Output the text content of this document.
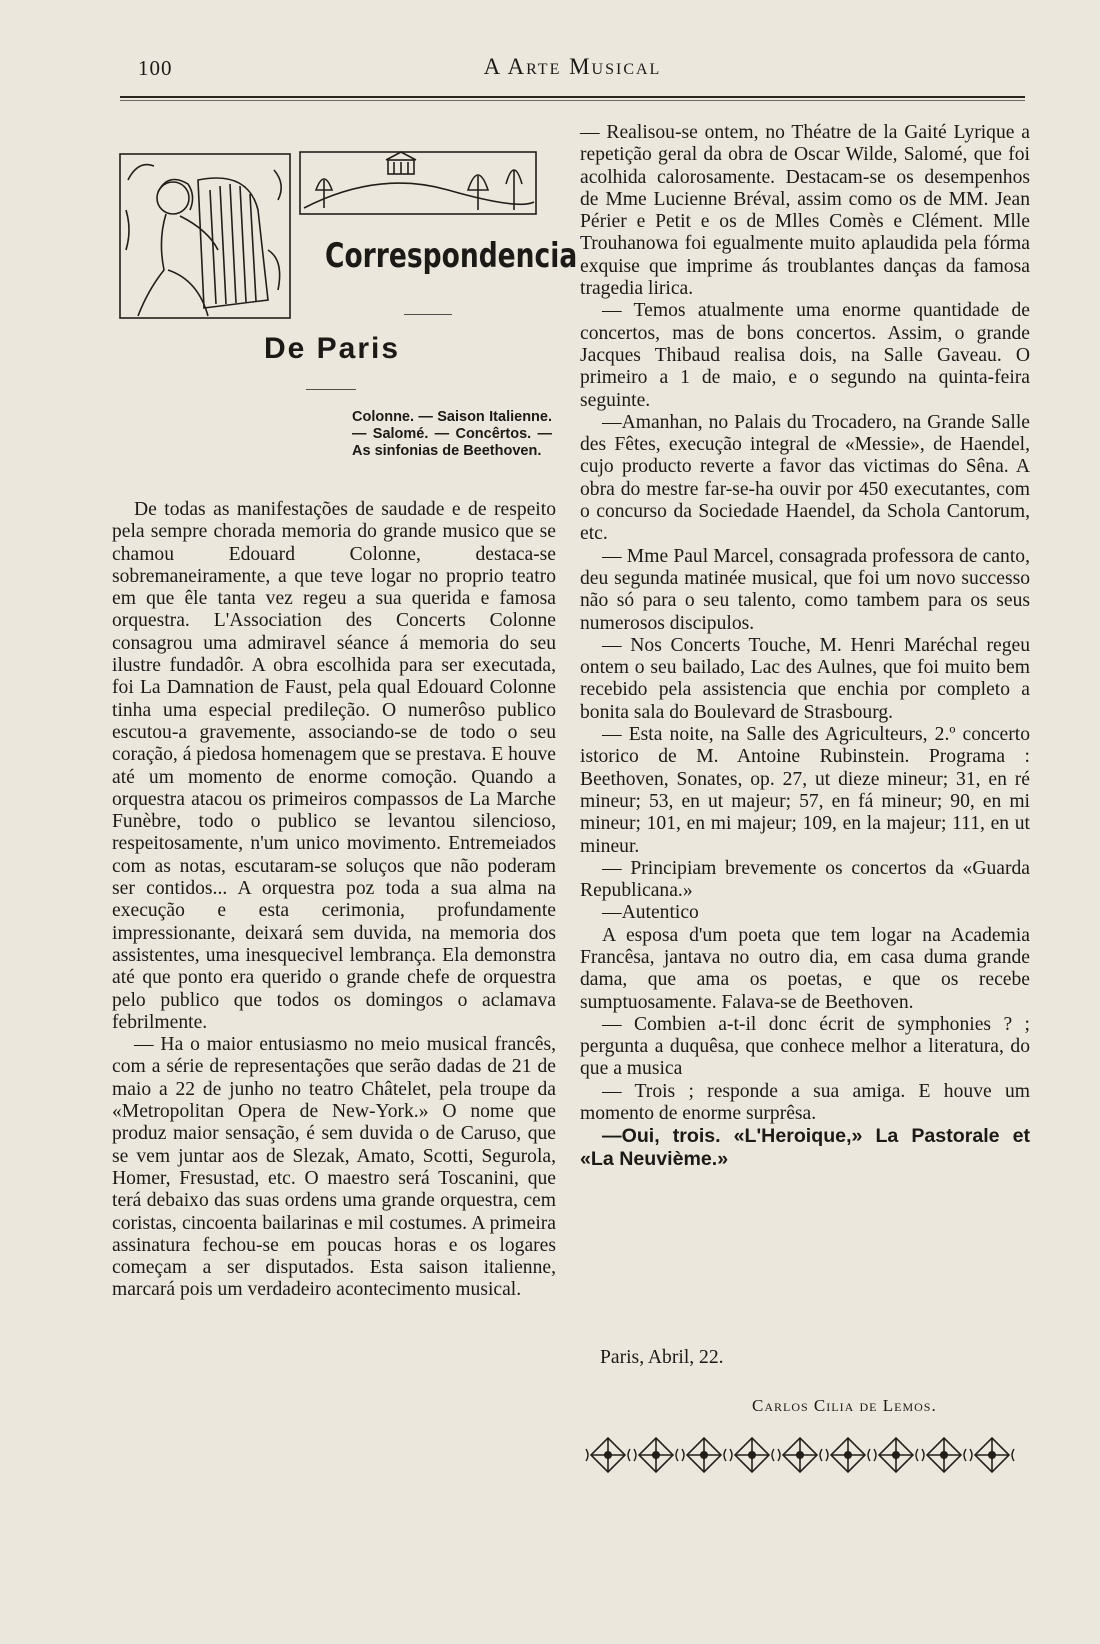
100	A Arte Musical
Correspondencia
De Paris
Colonne. — Saison Italienne. — Salomé. — Concêrtos. — As sinfonias de Beethoven.

De todas as manifestações de saudade e de respeito pela sempre chorada memoria do grande musico que se chamou Edouard Colonne, destaca-se sobremaneiramente, a que teve logar no proprio teatro em que êle tanta vez regeu a sua querida e famosa orquestra. L'Association des Concerts Colonne consagrou uma admiravel séance á memoria do seu ilustre fundadôr. A obra escolhida para ser executada, foi La Damnation de Faust, pela qual Edouard Colonne tinha uma especial predileção. O numerôso publico escutou-a gravemente, associando-se de todo o seu coração, á piedosa homenagem que se prestava. E houve até um momento de enorme comoção. Quando a orquestra atacou os primeiros compassos de La Marche Funèbre, todo o publico se levantou silencioso, respeitosamente, n'um unico movimento. Entremeiados com as notas, escutaram-se soluços que não poderam ser contidos... A orquestra poz toda a sua alma na execução e esta cerimonia, profundamente impressionante, deixará sem duvida, na memoria dos assistentes, uma inesquecivel lembrança. Ela demonstra até que ponto era querido o grande chefe de orquestra pelo publico que todos os domingos o aclamava febrilmente.

— Ha o maior entusiasmo no meio musical francês, com a série de representações que serão dadas de 21 de maio a 22 de junho no teatro Châtelet, pela troupe da «Metropolitan Opera de New-York.» O nome que produz maior sensação, é sem duvida o de Caruso, que se vem juntar aos de Slezak, Amato, Scotti, Segurola, Homer, Fresustad, etc. O maestro será Toscanini, que terá debaixo das suas ordens uma grande orquestra, cem coristas, cincoenta bailarinas e mil costumes. A primeira assinatura fechou-se em poucas horas e os logares começam a ser disputados. Esta saison italienne, marcará pois um verdadeiro acontecimento musical.

— Realisou-se ontem, no Théatre de la Gaité Lyrique a repetição geral da obra de Oscar Wilde, Salomé, que foi acolhida calorosamente. Destacam-se os desempenhos de Mme Lucienne Bréval, assim como os de MM. Jean Périer e Petit e os de Mlles Comès e Clément. Mlle Trouhanowa foi egualmente muito aplaudida pela fórma exquise que imprime ás troublantes danças da famosa tragedia lirica.

— Temos atualmente uma enorme quantidade de concertos, mas de bons concertos. Assim, o grande Jacques Thibaud realisa dois, na Salle Gaveau. O primeiro a 1 de maio, e o segundo na quinta-feira seguinte.

—Amanhan, no Palais du Trocadero, na Grande Salle des Fêtes, execução integral de «Messie», de Haendel, cujo producto reverte a favor das victimas do Sêna. A obra do mestre far-se-ha ouvir por 450 executantes, com o concurso da Sociedade Haendel, da Schola Cantorum, etc.

— Mme Paul Marcel, consagrada professora de canto, deu segunda matinée musical, que foi um novo successo não só para o seu talento, como tambem para os seus numerosos discipulos.

— Nos Concerts Touche, M. Henri Maréchal regeu ontem o seu bailado, Lac des Aulnes, que foi muito bem recebido pela assistencia que enchia por completo a bonita sala do Boulevard de Strasbourg.

— Esta noite, na Salle des Agriculteurs, 2.º concerto istorico de M. Antoine Rubinstein. Programa : Beethoven, Sonates, op. 27, ut dieze mineur; 31, en ré mineur; 53, en ut majeur; 57, en fá mineur; 90, en mi mineur; 101, en mi majeur; 109, en la majeur; 111, en ut mineur.

— Principiam brevemente os concertos da «Guarda Republicana.»

—Autentico

A esposa d'um poeta que tem logar na Academia Francêsa, jantava no outro dia, em casa duma grande dama, que ama os poetas, e que os recebe sumptuosamente. Falava-se de Beethoven.

— Combien a-t-il donc écrit de symphonies ? ; pergunta a duquêsa, que conhece melhor a literatura, do que a musica

— Trois ; responde a sua amiga. E houve um momento de enorme surprêsa.

—Oui, trois. «L'Heroique,» La Pastorale et «La Neuvième.»

Paris, Abril, 22.
Carlos Cilia de Lemos.
